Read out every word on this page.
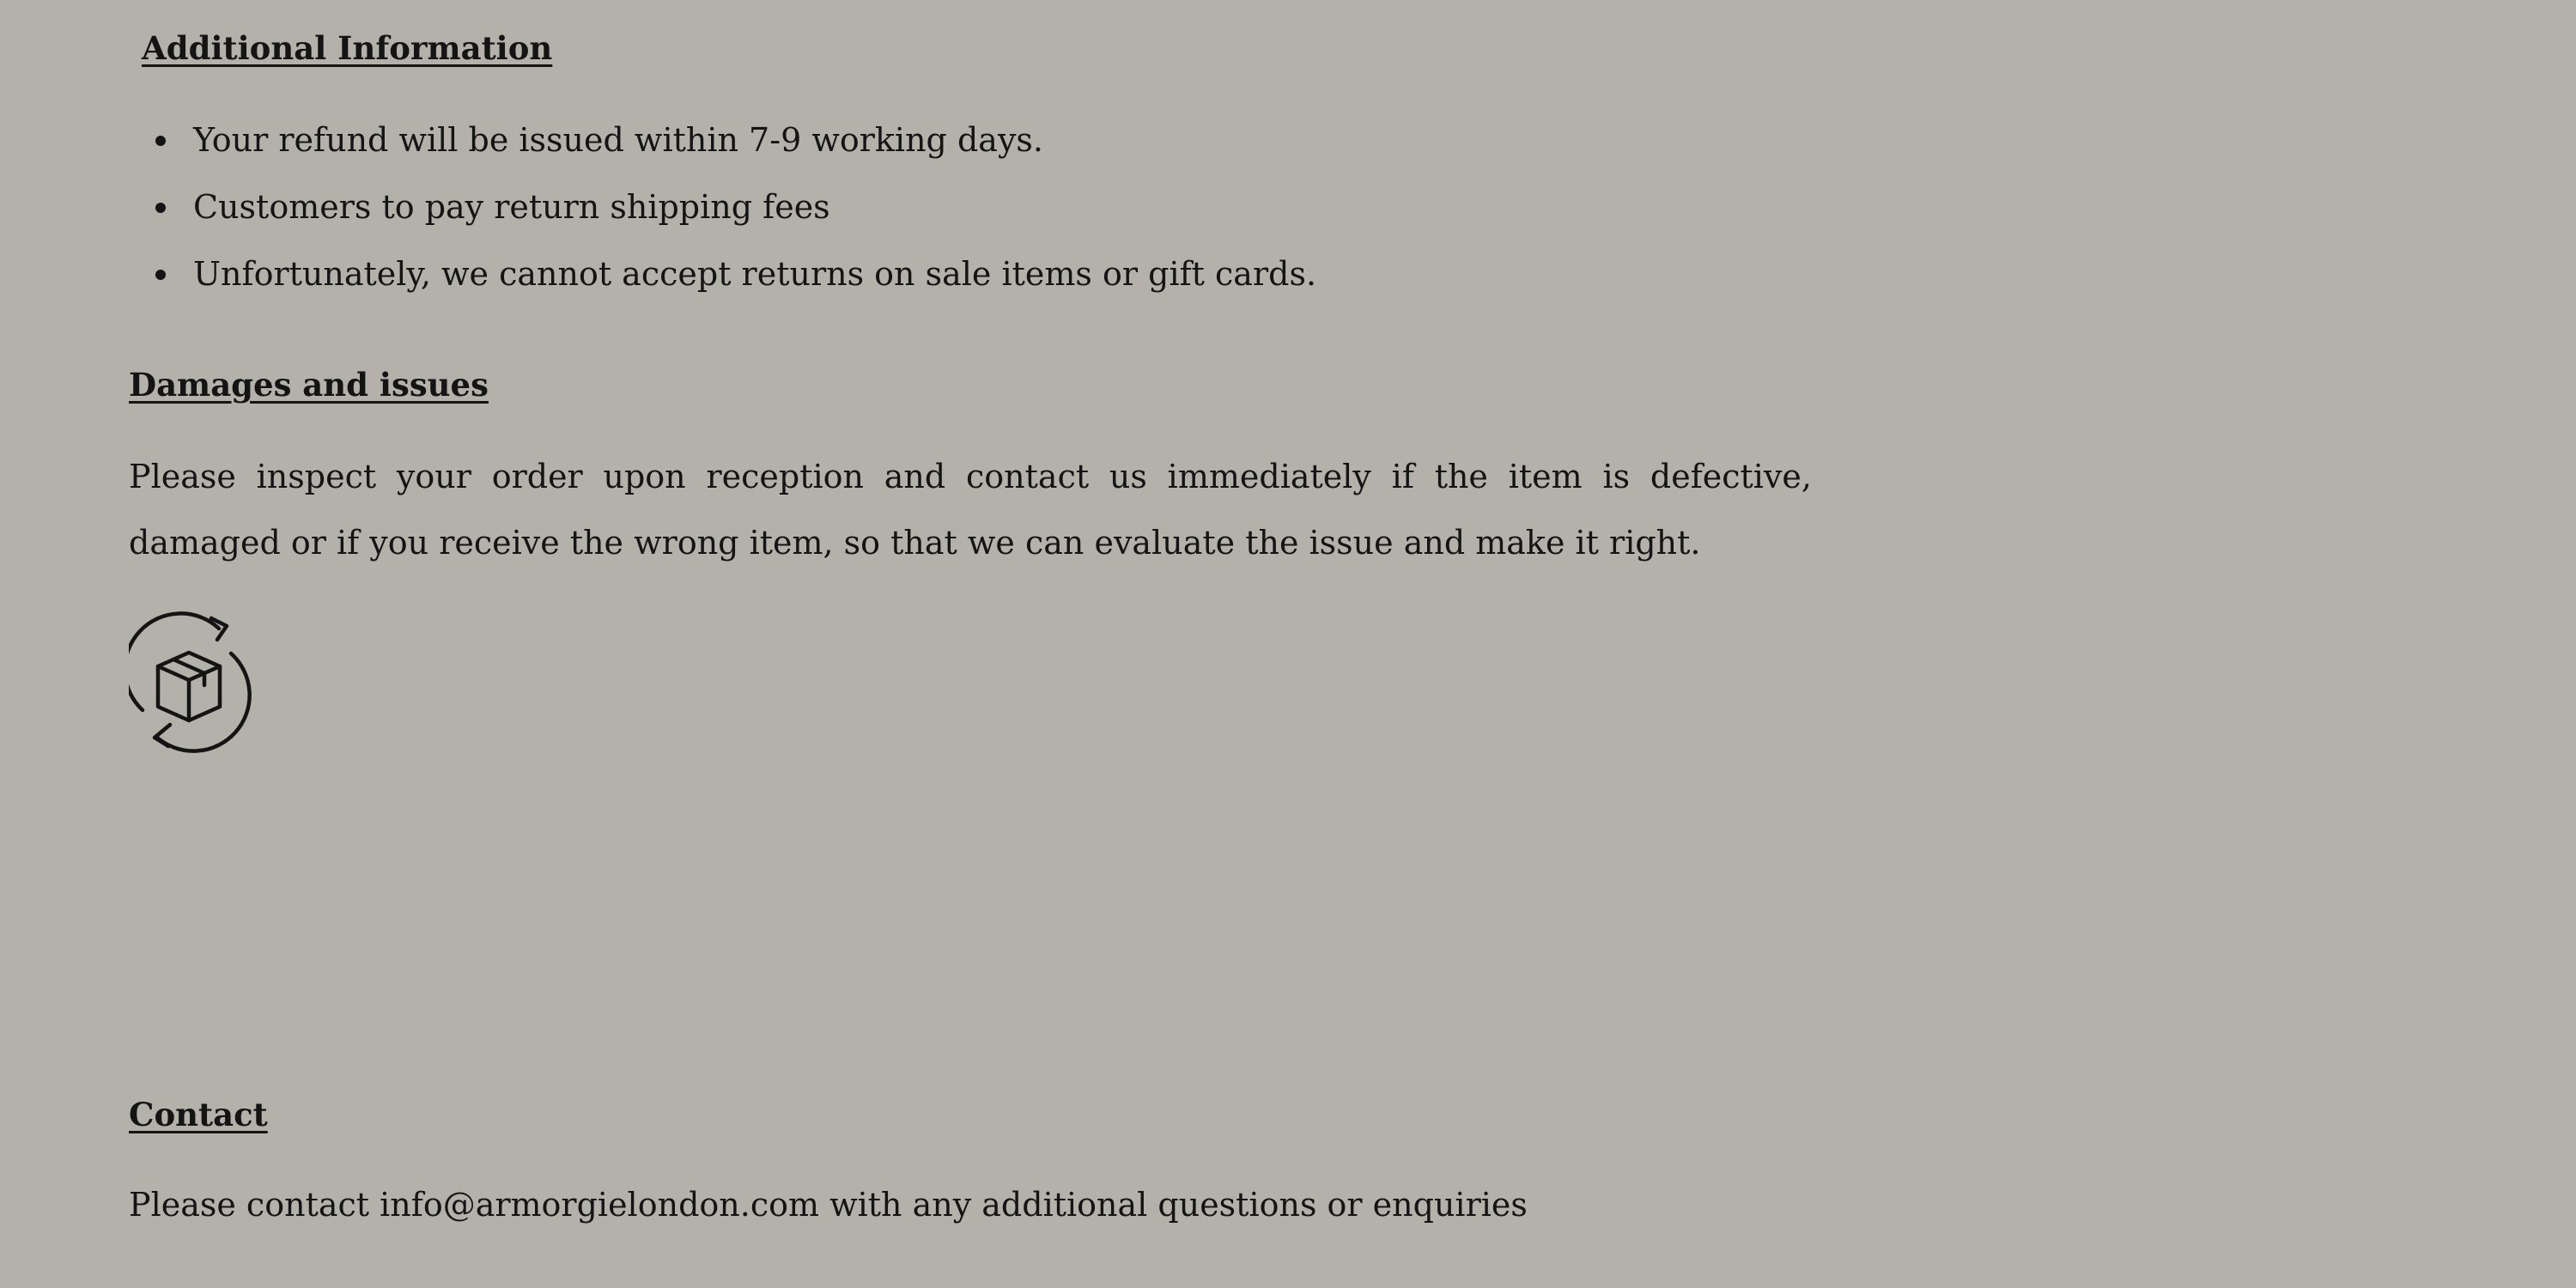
Additional Information
Your refund will be issued within 7-9 working days.
Customers to pay return shipping fees
Unfortunately, we cannot accept returns on sale items or gift cards.
Damages and issues

Please inspect your order upon reception and contact us immediately if the item is defective, damaged or if you receive the wrong item, so that we can evaluate the issue and make it right.

Contact

Please contact info@armorgielondon.com with any additional questions or enquiries
